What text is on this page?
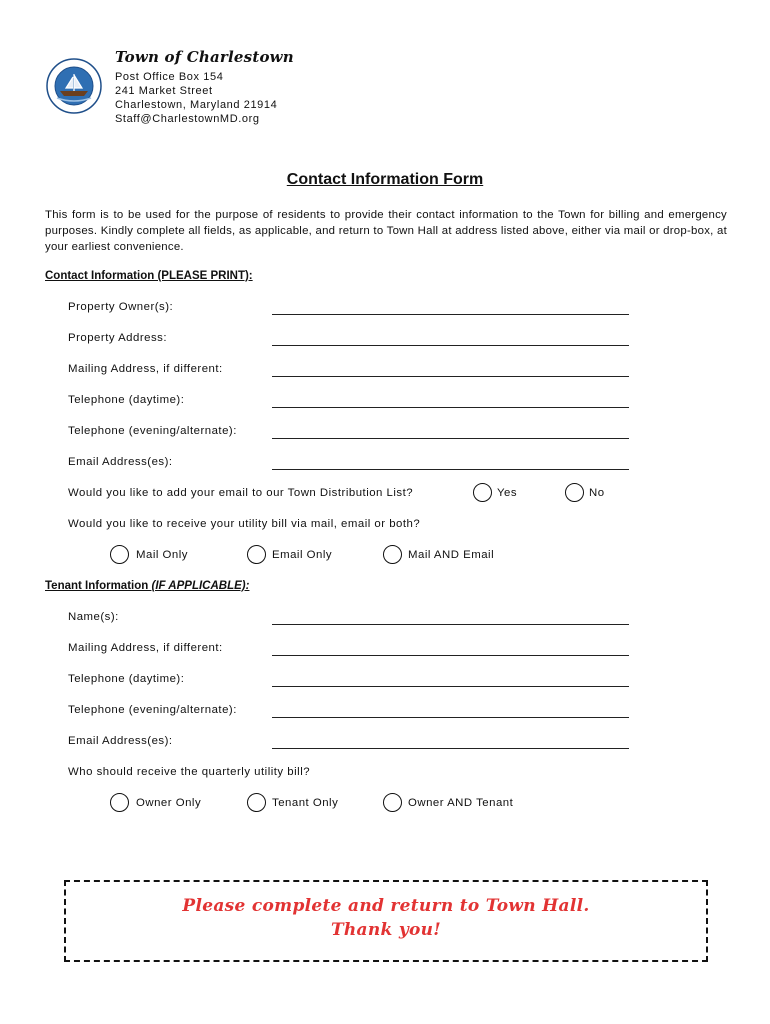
Town of Charlestown
Post Office Box 154
241 Market Street
Charlestown, Maryland 21914
Staff@CharlestownMD.org
Contact Information Form
This form is to be used for the purpose of residents to provide their contact information to the Town for billing and emergency purposes. Kindly complete all fields, as applicable, and return to Town Hall at address listed above, either via mail or drop-box, at your earliest convenience.
Contact Information (PLEASE PRINT):
Property Owner(s):
Property Address:
Mailing Address, if different:
Telephone (daytime):
Telephone (evening/alternate):
Email Address(es):
Would you like to add your email to our Town Distribution List?	Yes	No
Would you like to receive your utility bill via mail, email or both?
Mail Only	Email Only	Mail AND Email
Tenant Information (IF APPLICABLE):
Name(s):
Mailing Address, if different:
Telephone (daytime):
Telephone (evening/alternate):
Email Address(es):
Who should receive the quarterly utility bill?
Owner Only	Tenant Only	Owner AND Tenant
Please complete and return to Town Hall.
Thank you!
